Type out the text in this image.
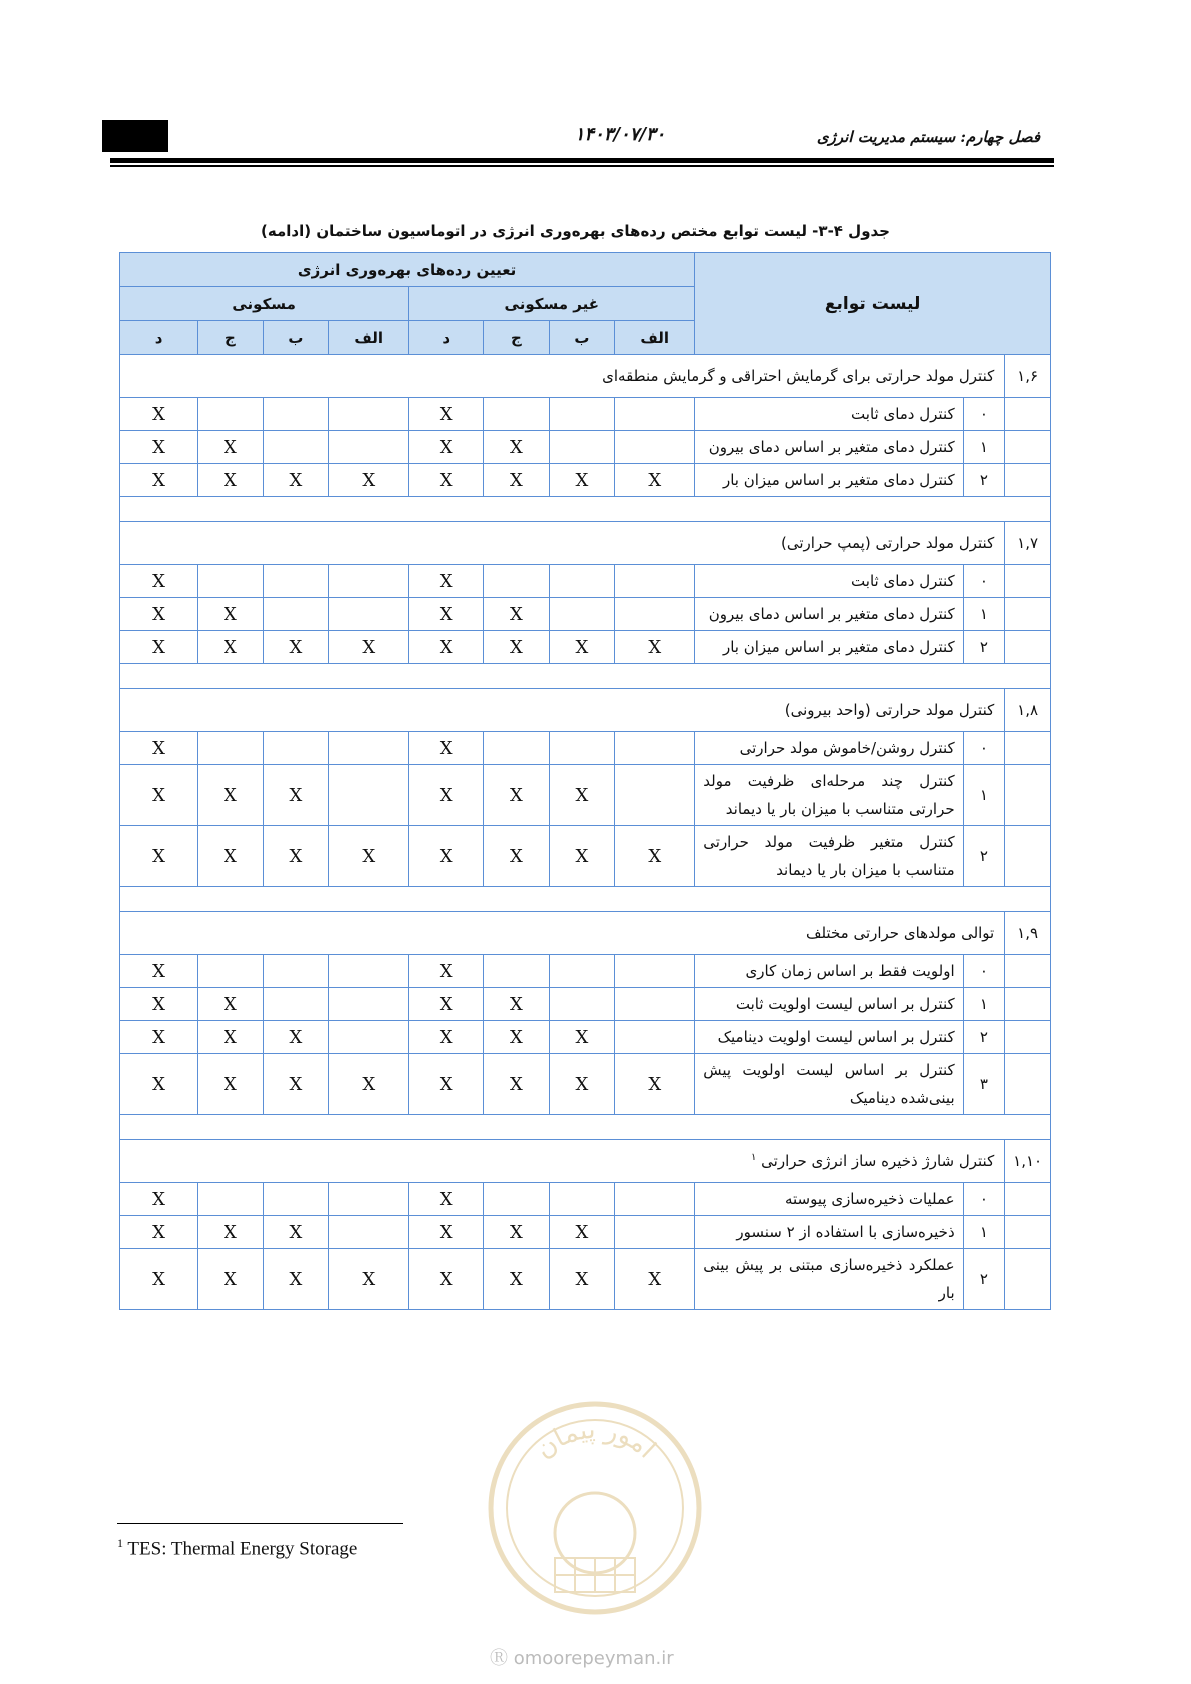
۱۴۰۳/۰۷/۳۰	فصل چهارم: سیستم مدیریت انرژی
جدول ۴-۳- لیست توابع مختص رده‌های بهره‌وری انرژی در اتوماسیون ساختمان (ادامه)
لیست توابع			تعیین رده‌های بهره‌وری انرژی							
			غیر مسکونی				مسکونی			
			الف	ب	ج	د	الف	ب	ج	د
۱,۶	کنترل مولد حرارتی برای گرمایش احتراقی و گرمایش منطقه‌ای									
	۰	کنترل دمای ثابت				X				X
	۱	کنترل دمای متغیر بر اساس دمای بیرون			X	X			X	X
	۲	کنترل دمای متغیر بر اساس میزان بار	X	X	X	X	X	X	X	X

۱,۷	کنترل مولد حرارتی (پمپ حرارتی)									
	۰	کنترل دمای ثابت				X				X
	۱	کنترل دمای متغیر بر اساس دمای بیرون			X	X			X	X
	۲	کنترل دمای متغیر بر اساس میزان بار	X	X	X	X	X	X	X	X

۱,۸	کنترل مولد حرارتی (واحد بیرونی)									
	۰	کنترل روشن/خاموش مولد حرارتی				X				X
	۱	کنترل چند مرحله‌ای ظرفیت مولد حرارتی متناسب با میزان بار یا دیماند		X	X	X		X	X	X
	۲	کنترل متغیر ظرفیت مولد حرارتی متناسب با میزان بار یا دیماند	X	X	X	X	X	X	X	X

۱,۹	توالی مولدهای حرارتی مختلف									
	۰	اولویت فقط بر اساس زمان کاری				X				X
	۱	کنترل بر اساس لیست اولویت ثابت			X	X			X	X
	۲	کنترل بر اساس لیست اولویت دینامیک		X	X	X		X	X	X
	۳	کنترل بر اساس لیست اولویت پیش بینی‌شده دینامیک	X	X	X	X	X	X	X	X

۱,۱۰	کنترل شارژ ذخیره ساز انرژی حرارتی $^۱$
	۰	عملیات ذخیره‌سازی پیوسته				X				X
	۱	ذخیره‌سازی با استفاده از ۲ سنسور		X	X	X		X	X	X
	۲	عملکرد ذخیره‌سازی مبتنی بر پیش بینی بار	X	X	X	X	X	X	X	X
$^1$ TES: Thermal Energy Storage
امور پیمان
Ⓡ omoorepeyman.ir
